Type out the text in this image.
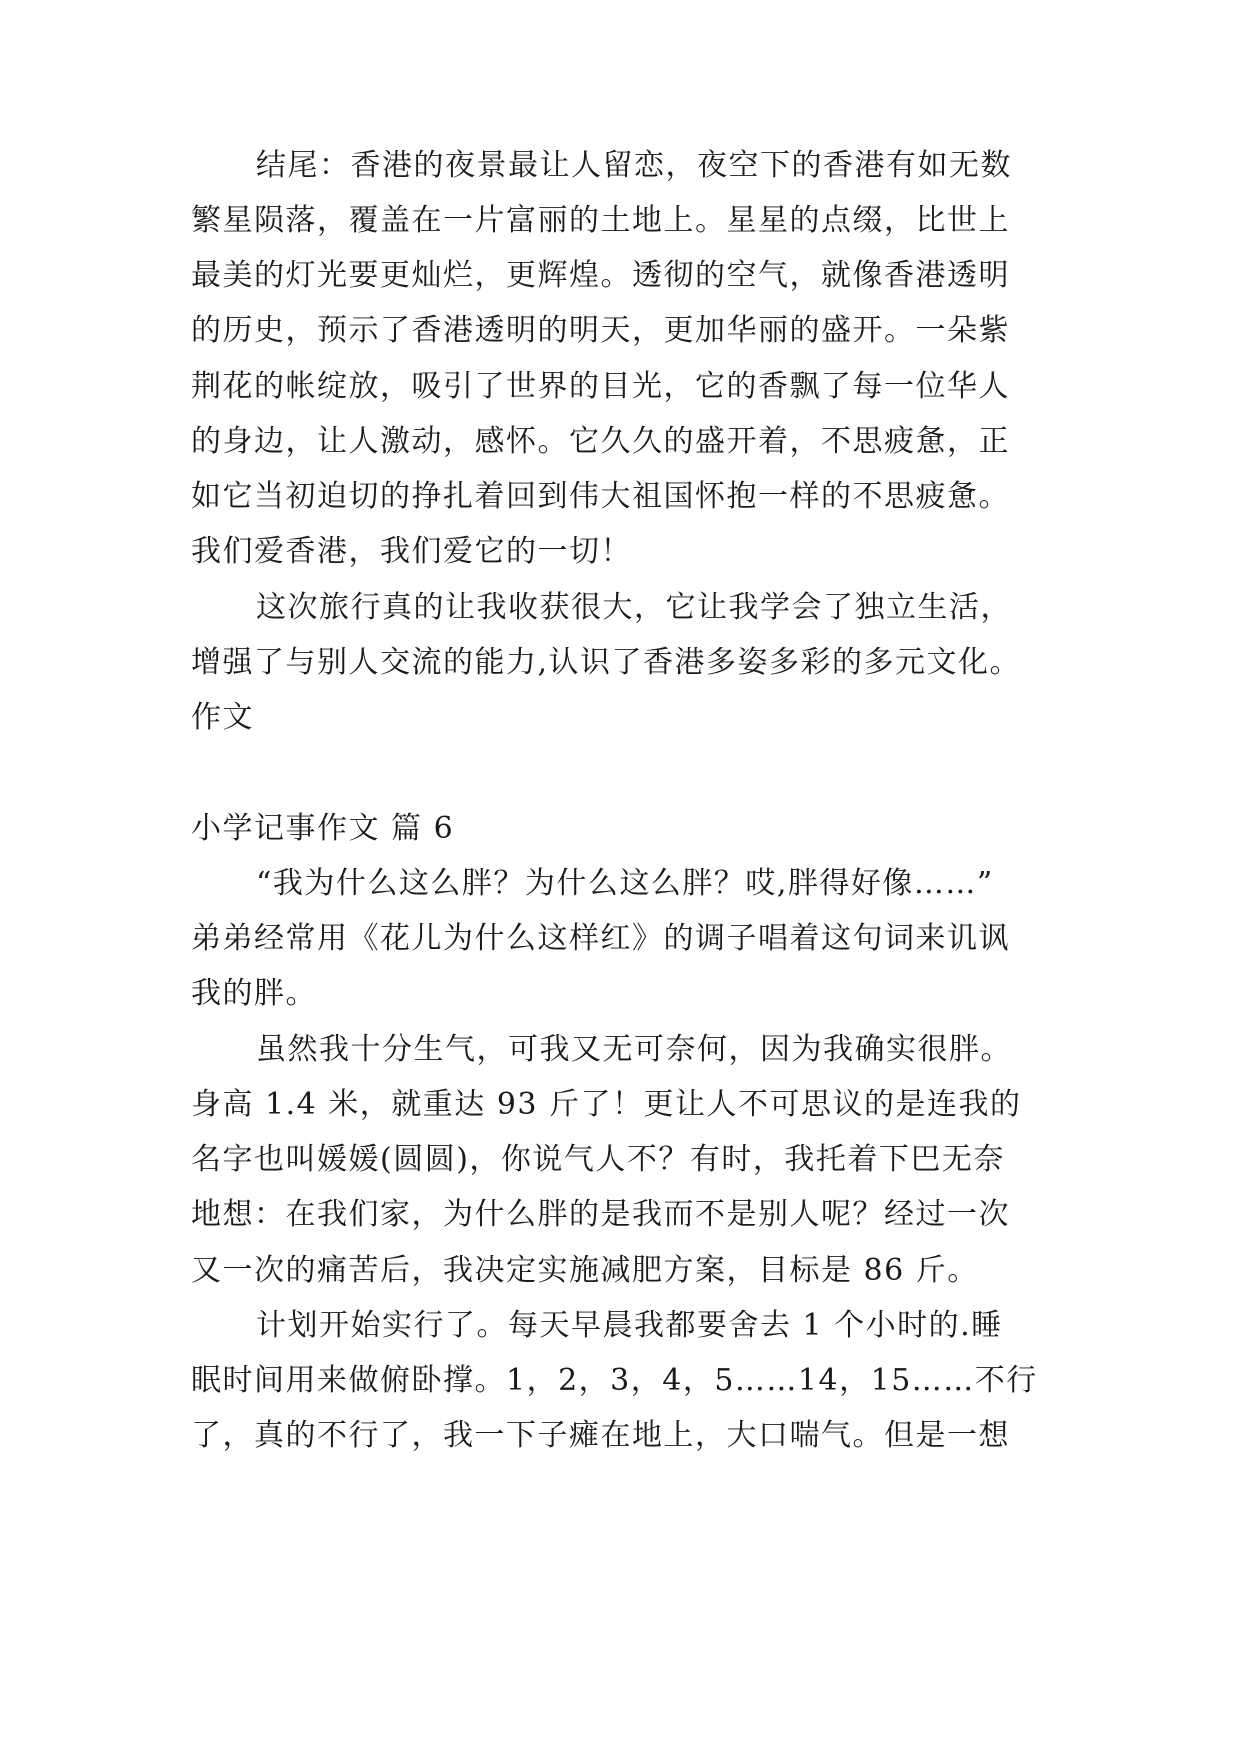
结尾：香港的夜景最让人留恋，夜空下的香港有如无数
繁星陨落，覆盖在一片富丽的土地上。星星的点缀，比世上
最美的灯光要更灿烂，更辉煌。透彻的空气，就像香港透明
的历史，预示了香港透明的明天，更加华丽的盛开。一朵紫
荆花的帐绽放，吸引了世界的目光，它的香飘了每一位华人
的身边，让人激动，感怀。它久久的盛开着，不思疲惫，正
如它当初迫切的挣扎着回到伟大祖国怀抱一样的不思疲惫。
我们爱香港，我们爱它的一切！
这次旅行真的让我收获很大，它让我学会了独立生活，
增强了与别人交流的能力,认识了香港多姿多彩的多元文化。
作文
小学记事作文 篇 6
“我为什么这么胖？为什么这么胖？哎,胖得好像……”
弟弟经常用《花儿为什么这样红》的调子唱着这句词来讥讽
我的胖。
虽然我十分生气，可我又无可奈何，因为我确实很胖。
身高 1.4 米，就重达 93 斤了！更让人不可思议的是连我的
名字也叫媛媛(圆圆)，你说气人不？有时，我托着下巴无奈
地想：在我们家，为什么胖的是我而不是别人呢？经过一次
又一次的痛苦后，我决定实施减肥方案，目标是 86 斤。
计划开始实行了。每天早晨我都要舍去 1 个小时的.睡
眠时间用来做俯卧撑。1，2，3，4，5……14，15……不行
了，真的不行了，我一下子瘫在地上，大口喘气。但是一想
